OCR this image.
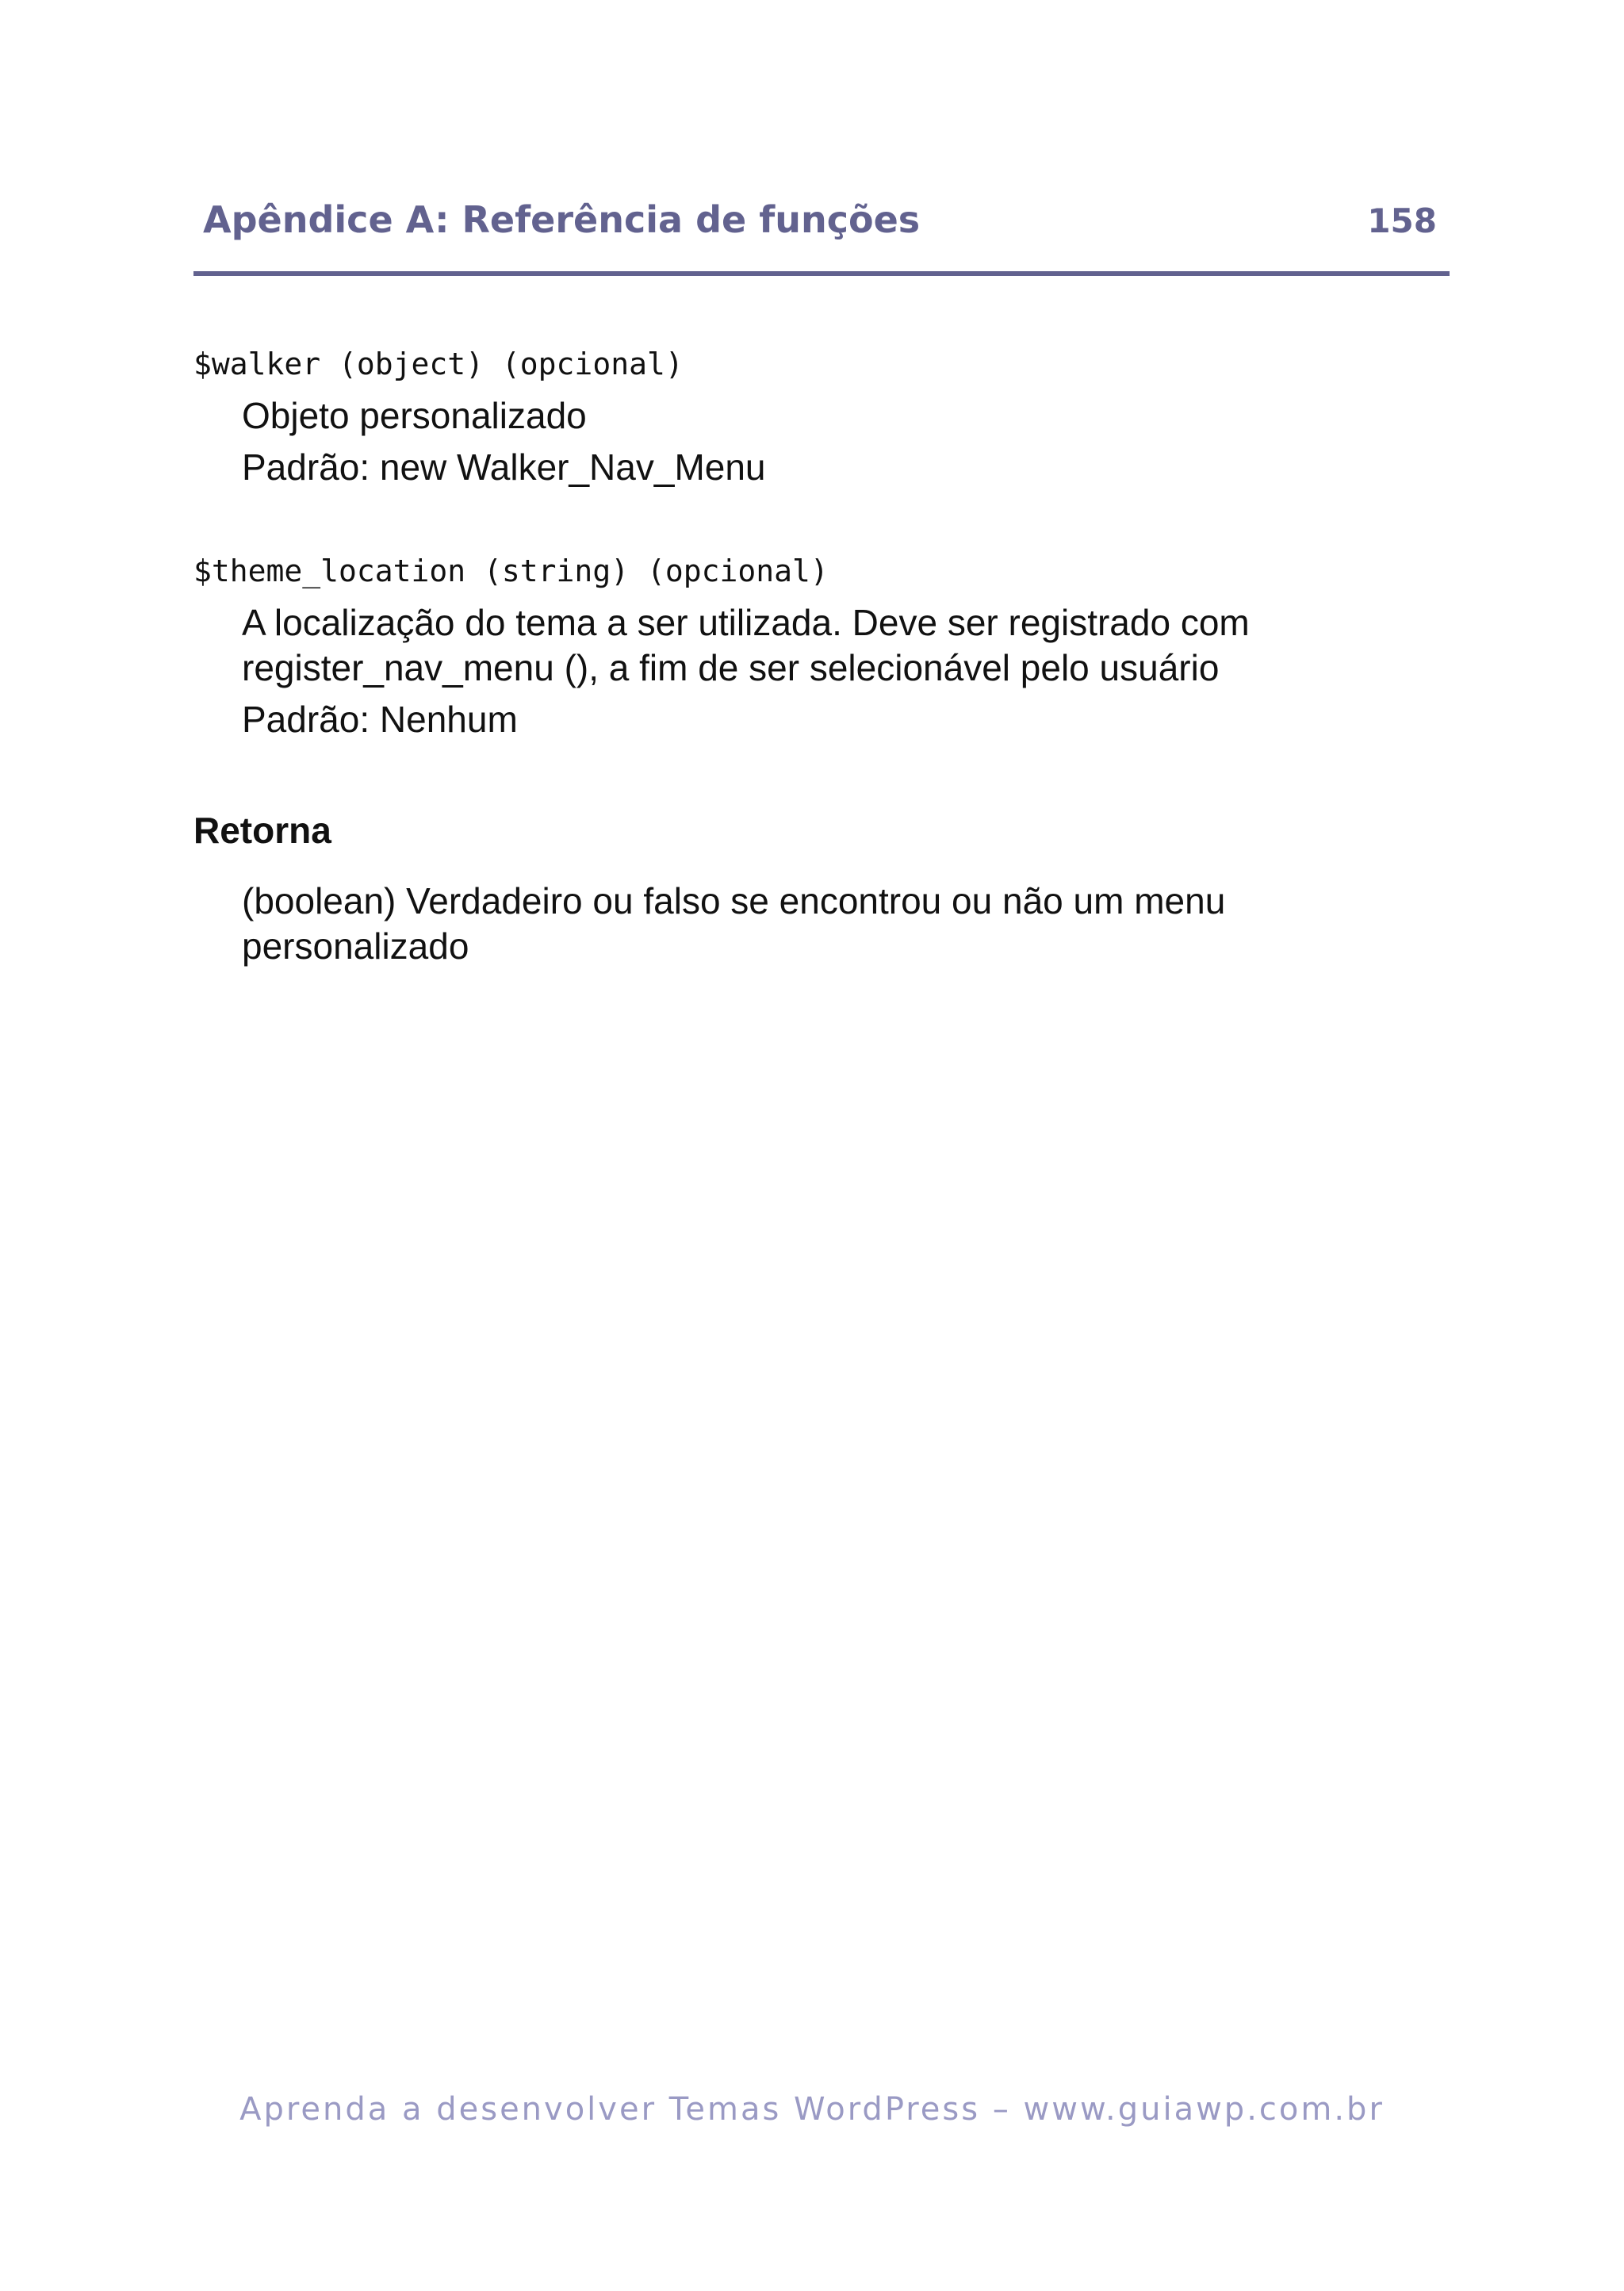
Apêndice A: Referência de funções	158
$walker (object) (opcional)
Objeto personalizado
Padrão: new Walker_Nav_Menu
$theme_location (string) (opcional)
A localização do tema a ser utilizada. Deve ser registrado com
register_nav_menu (), a fim de ser selecionável pelo usuário
Padrão: Nenhum
Retorna
(boolean) Verdadeiro ou falso se encontrou ou não um menu
personalizado
Aprenda a desenvolver Temas WordPress – www.guiawp.com.br
